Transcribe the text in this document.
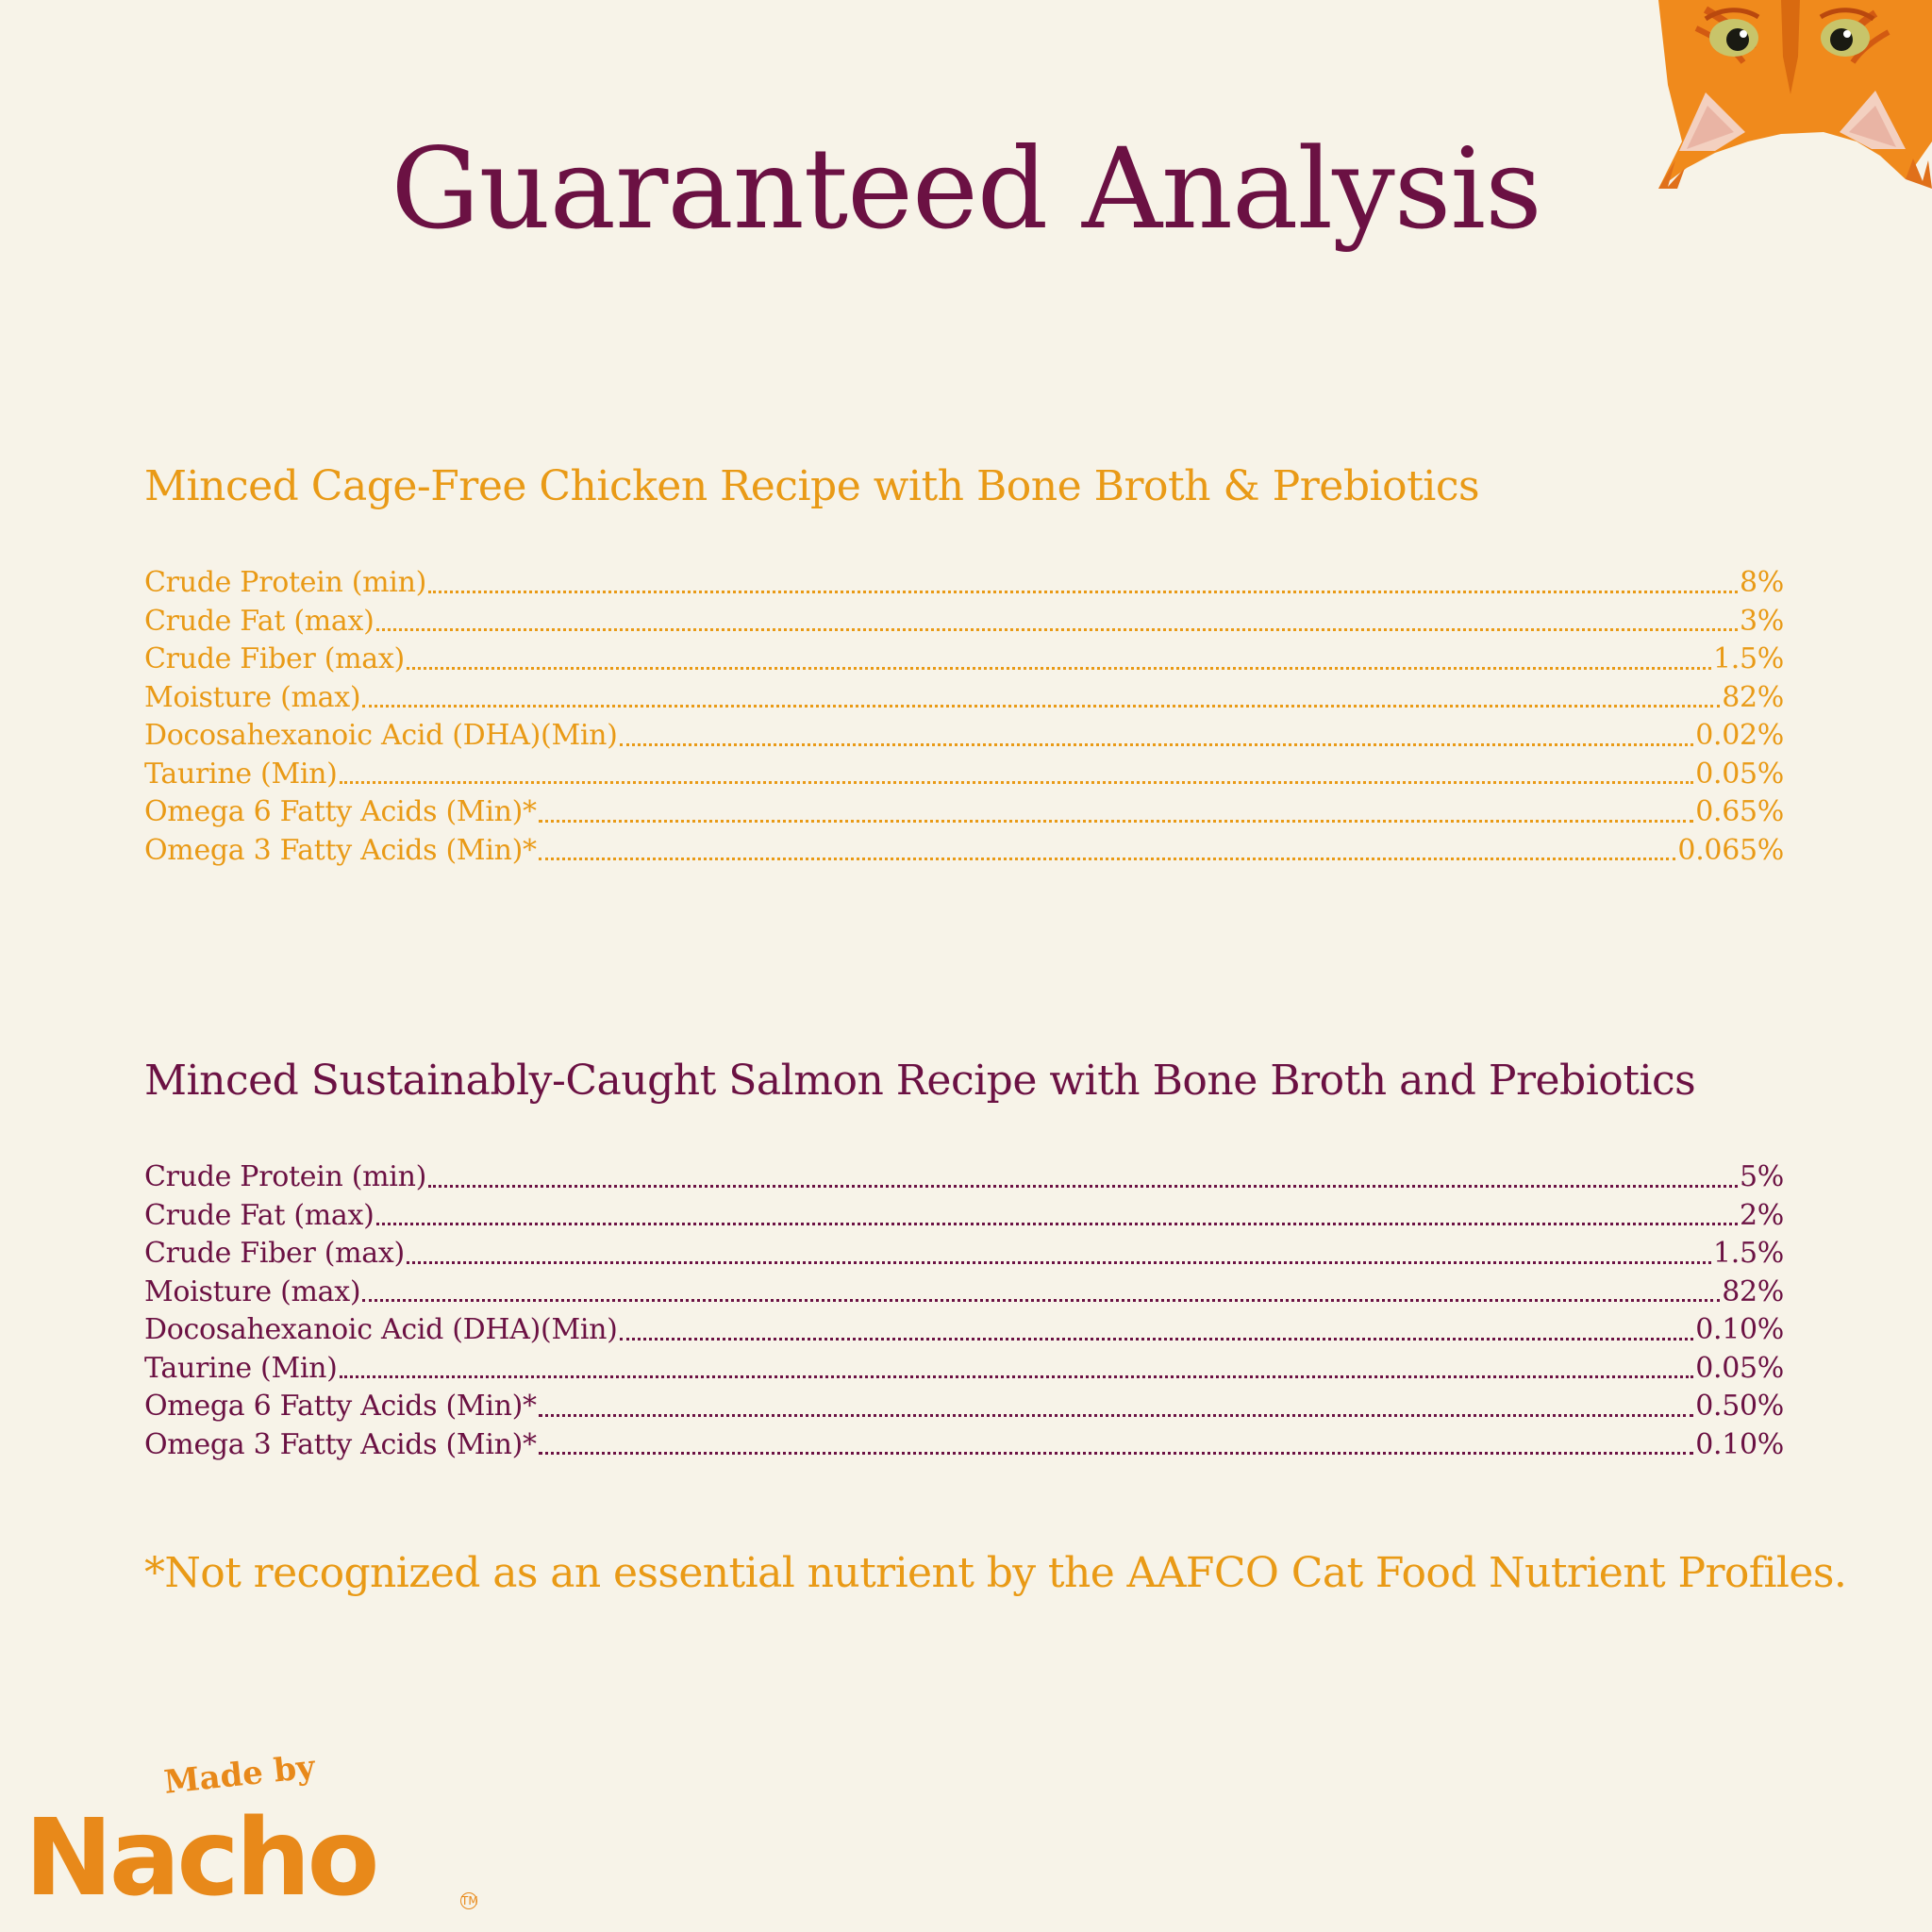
Guaranteed Analysis
Minced Cage-Free Chicken Recipe with Bone Broth & Prebiotics
Crude Protein (min)	8%
Crude Fat (max)	3%
Crude Fiber (max)	1.5%
Moisture (max)	82%
Docosahexanoic Acid (DHA)(Min)	0.02%
Taurine (Min)	0.05%
Omega 6 Fatty Acids (Min)*	0.65%
Omega 3 Fatty Acids (Min)*	0.065%
Minced Sustainably-Caught Salmon Recipe with Bone Broth and Prebiotics
Crude Protein (min)	5%
Crude Fat (max)	2%
Crude Fiber (max)	1.5%
Moisture (max)	82%
Docosahexanoic Acid (DHA)(Min)	0.10%
Taurine (Min)	0.05%
Omega 6 Fatty Acids (Min)*	0.50%
Omega 3 Fatty Acids (Min)*	0.10%
*Not recognized as an essential nutrient by the AAFCO Cat Food Nutrient Profiles.
Made by
Nacho	TM
